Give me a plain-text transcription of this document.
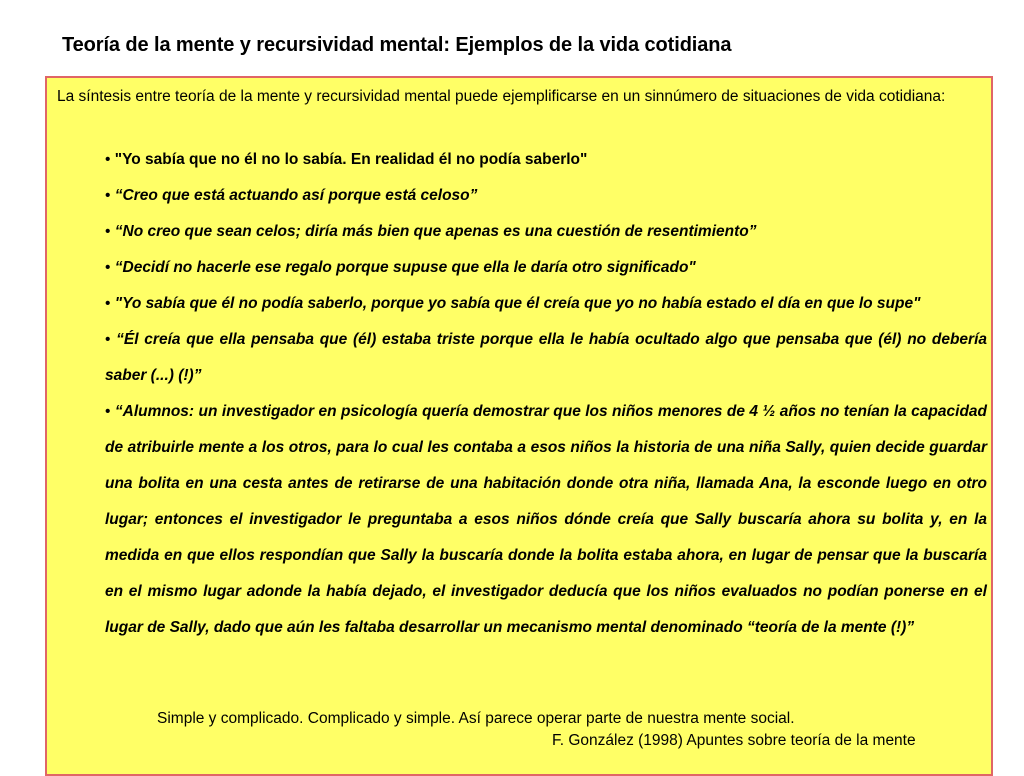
Teoría de la mente y recursividad mental: Ejemplos de la vida cotidiana

La síntesis entre teoría de la mente y recursividad mental puede ejemplificarse en un sinnúmero de situaciones de vida cotidiana:

• "Yo sabía que no él no lo sabía. En realidad él no podía saberlo"
• “Creo que está actuando así porque está celoso”
• “No creo que sean celos; diría más bien que apenas es una cuestión de resentimiento”
• “Decidí no hacerle ese regalo porque supuse que ella le daría otro significado"
• "Yo sabía que él no podía saberlo, porque yo sabía que él creía que yo no había estado el día en que lo supe"
• “Él creía que ella pensaba que (él) estaba triste porque ella le había ocultado algo que pensaba que (él) no debería saber (...) (!)”
• “Alumnos: un investigador en psicología quería demostrar que los niños menores de 4 ½ años no tenían la capacidad de atribuirle mente a los otros, para lo cual les contaba a esos niños la historia de una niña Sally, quien decide guardar una bolita en una cesta antes de retirarse de una habitación donde otra niña, llamada Ana, la esconde luego en otro lugar; entonces el investigador le preguntaba a esos niños dónde creía que Sally buscaría ahora su bolita y, en la medida en que ellos respondían que Sally la buscaría donde la bolita estaba ahora, en lugar de pensar que la buscaría en el mismo lugar adonde la había dejado, el investigador deducía que los niños evaluados no podían ponerse en el lugar de Sally, dado que aún les faltaba desarrollar un mecanismo mental denominado “teoría de la mente (!)”

Simple y complicado. Complicado y simple. Así parece operar parte de nuestra mente social.

F. González (1998) Apuntes sobre teoría de la mente
